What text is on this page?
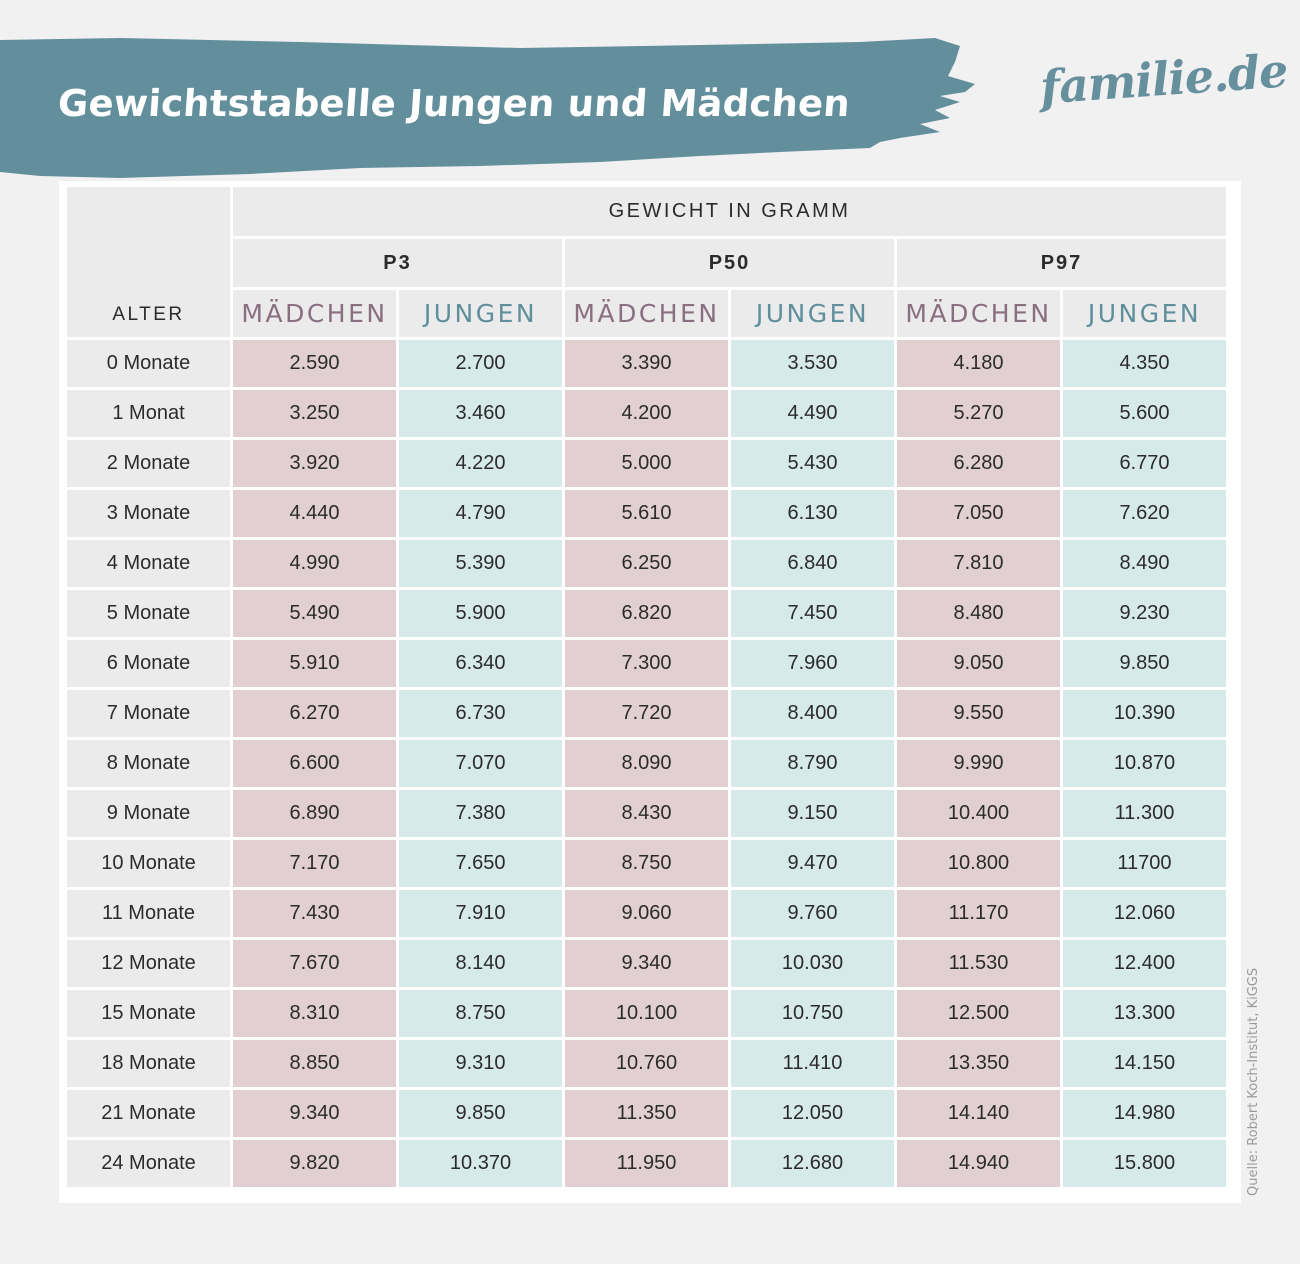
Gewichtstabelle Jungen und Mädchen	familie.de
ALTER	GEWICHT IN GRAMM					
	P3		P50		P97	
	MÄDCHEN	JUNGEN	MÄDCHEN	JUNGEN	MÄDCHEN	JUNGEN
0 Monate	2.590	2.700	3.390	3.530	4.180	4.350
1 Monat	3.250	3.460	4.200	4.490	5.270	5.600
2 Monate	3.920	4.220	5.000	5.430	6.280	6.770
3 Monate	4.440	4.790	5.610	6.130	7.050	7.620
4 Monate	4.990	5.390	6.250	6.840	7.810	8.490
5 Monate	5.490	5.900	6.820	7.450	8.480	9.230
6 Monate	5.910	6.340	7.300	7.960	9.050	9.850
7 Monate	6.270	6.730	7.720	8.400	9.550	10.390
8 Monate	6.600	7.070	8.090	8.790	9.990	10.870
9 Monate	6.890	7.380	8.430	9.150	10.400	11.300
10 Monate	7.170	7.650	8.750	9.470	10.800	11700
11 Monate	7.430	7.910	9.060	9.760	11.170	12.060
12 Monate	7.670	8.140	9.340	10.030	11.530	12.400
15 Monate	8.310	8.750	10.100	10.750	12.500	13.300
18 Monate	8.850	9.310	10.760	11.410	13.350	14.150
21 Monate	9.340	9.850	11.350	12.050	14.140	14.980
24 Monate	9.820	10.370	11.950	12.680	14.940	15.800	Quelle: Robert Koch-Institut, KiGGS
